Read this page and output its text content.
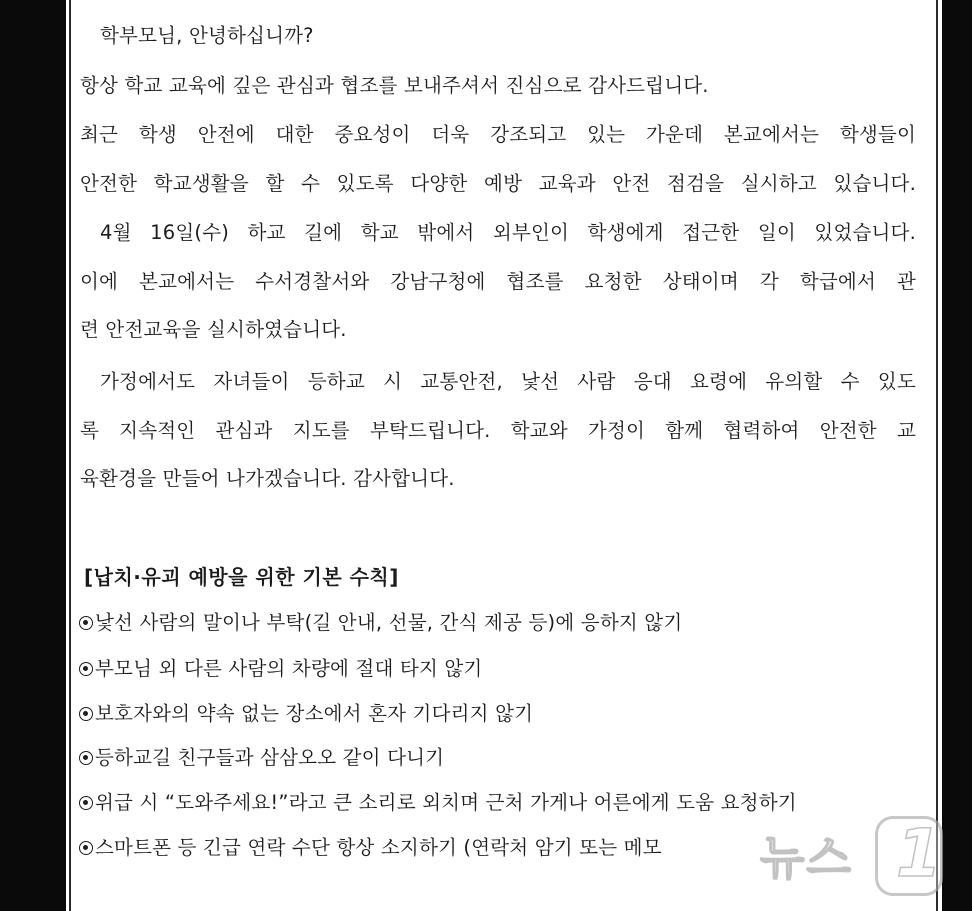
학부모님, 안녕하십니까?
항상 학교 교육에 깊은 관심과 협조를 보내주셔서 진심으로 감사드립니다.
최근 학생 안전에 대한 중요성이 더욱 강조되고 있는 가운데 본교에서는 학생들이
안전한 학교생활을 할 수 있도록 다양한 예방 교육과 안전 점검을 실시하고 있습니다.
4월 16일(수) 하교 길에 학교 밖에서 외부인이 학생에게 접근한 일이 있었습니다.
이에 본교에서는 수서경찰서와 강남구청에 협조를 요청한 상태이며 각 학급에서 관
련 안전교육을 실시하였습니다.
가정에서도 자녀들이 등하교 시 교통안전, 낯선 사람 응대 요령에 유의할 수 있도
록 지속적인 관심과 지도를 부탁드립니다. 학교와 가정이 함께 협력하여 안전한 교
육환경을 만들어 나가겠습니다. 감사합니다.
[납치·유괴 예방을 위한 기본 수칙]
낯선 사람의 말이나 부탁(길 안내, 선물, 간식 제공 등)에 응하지 않기
부모님 외 다른 사람의 차량에 절대 타지 않기
보호자와의 약속 없는 장소에서 혼자 기다리지 않기
등하교길 친구들과 삼삼오오 같이 다니기
위급 시 “도와주세요!”라고 큰 소리로 외치며 근처 가게나 어른에게 도움 요청하기
스마트폰 등 긴급 연락 수단 항상 소지하기 (연락처 암기 또는 메모 뉴스 1
